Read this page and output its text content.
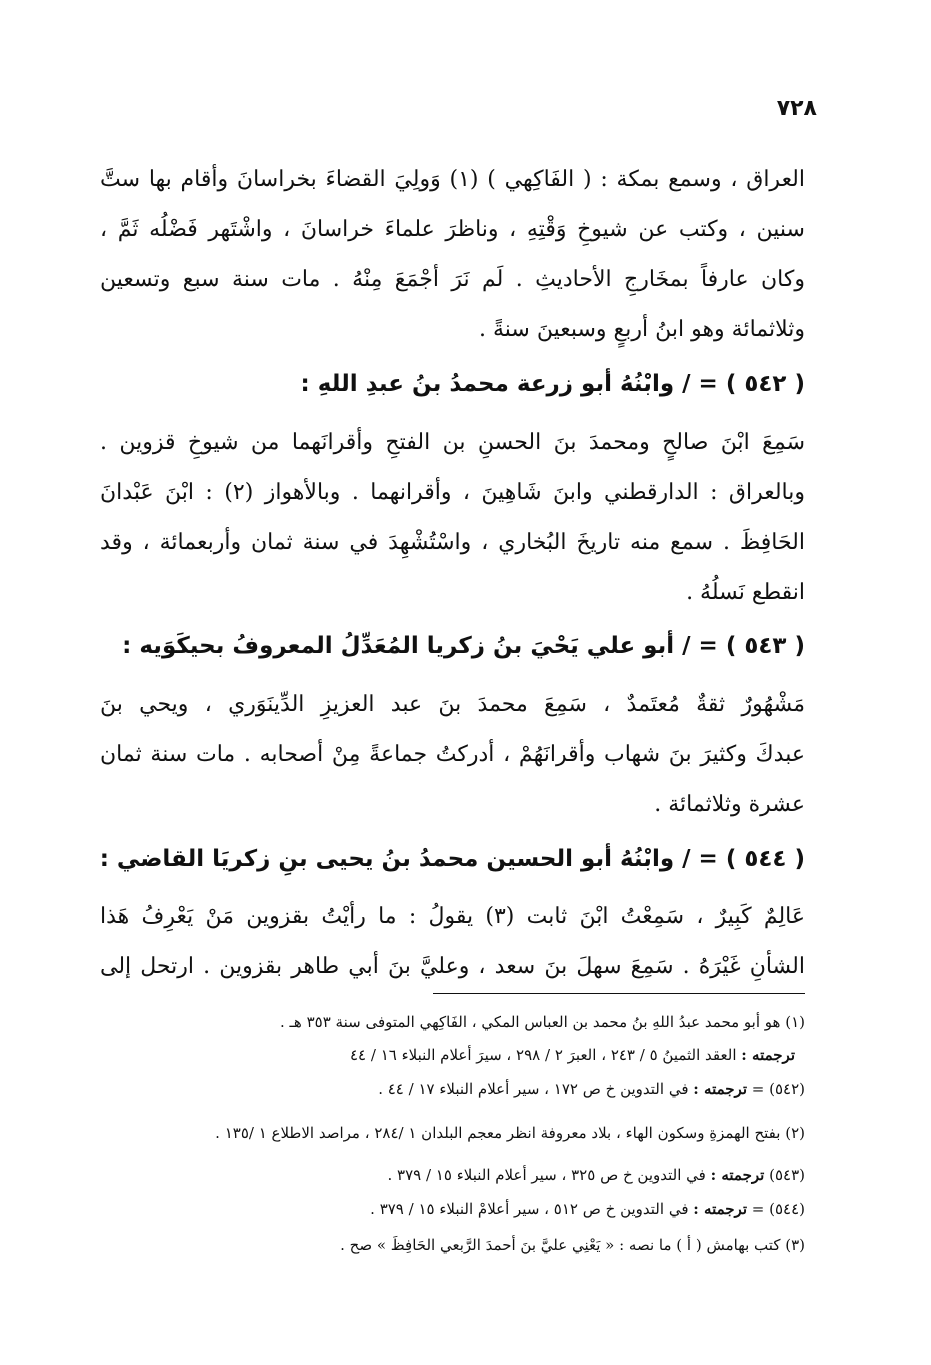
٧٢٨
العراق ، وسمع بمكة : ( الفَاكِهي ) (١) وَولِيَ القضاءَ بخراسانَ وأقام بها ستَّ
سنين ، وكتب عن شيوخِ وَقْتِهِ ، وناظرَ علماءَ خراسانَ ، واشْتَهر فَضْلُه ثَمَّ ،
وكان عارفاً بمخَارجِ الأحاديثِ . لَم نَرَ أجْمَعَ مِنْهُ . مات سنة سبع وتسعين
وثلاثمائة وهو ابنُ أربعٍ وسبعينَ سنةً .
( ٥٤٢ ) = / وابْنُهُ أبو زرعة محمدُ بنُ عبدِ اللهِ :
سَمِعَ ابْنَ صالحٍ ومحمدَ بنَ الحسنِ بن الفتحِ وأقرانَهما من شيوخِ قزوين .
وبالعراق : الدارقطني وابنَ شَاهِينَ ، وأقرانهما . وبالأهواز (٢) : ابْنَ عَبْدانَ
الحَافِظَ . سمع منه تاريخَ البُخاري ، واسْتُشْهِدَ في سنة ثمان وأربعمائة ، وقد
انقطع نَسلُهُ .
( ٥٤٣ ) = / أبو علي يَحْيَ بنُ زكريا المُعَدِّلُ المعروفُ بحيكَوَيه :
مَشْهُورٌ ثقةٌ مُعتَمدٌ ، سَمِعَ محمدَ بنَ عبد العزيزِ الدِّينَوَري ، ويحي بنَ
عبدكَ وكثيرَ بنَ شهاب وأقرانَهُمْ ، أدركتُ جماعةً مِنْ أصحابه . مات سنة ثمان
عشرة وثلاثمائة .
( ٥٤٤ ) = / وابْنُهُ أبو الحسين محمدُ بنُ يحيى بنِ زكريَا القاضي :
عَالِمٌ كَبِيرٌ ، سَمِعْتُ ابْنَ ثابت (٣) يقولُ : ما رأيْتُ بقزوين مَنْ يَعْرِفُ هَذا
الشأنِ غَيْرَهُ . سَمِعَ سهلَ بنَ سعد ، وعليَّ بنَ أبي طاهر بقزوين . ارتحل إلى
(١) هو أبو محمد عبدُ اللهِ بنُ محمد بن العباس المكي ، الفَاكِهي المتوفى سنة ٣٥٣ هـ .
ترجمته : العقد الثمينُ ٥ / ٢٤٣ ، العبرَ ٢ / ٢٩٨ ، سيرَ أعلام النبلاء ١٦ / ٤٤
(٥٤٢) = ترجمته : في التدوين خ ص ١٧٢ ، سير أعلام النبلاء ١٧ / ٤٤ .
(٢) بفتح الهمزةِ وسكون الهاء ، بلاد معروفة انظر معجم البلدان ١ /٢٨٤ ، مراصد الاطلاع ١ /١٣٥ .
(٥٤٣) ترجمته : في التدوين خ ص ٣٢٥ ، سير أعلام النبلاء ١٥ / ٣٧٩ .
(٥٤٤) = ترجمته : في التدوين خ ص ٥١٢ ، سير أعلامْ النبلاء ١٥ / ٣٧٩ .
(٣) كتب بهامش ( أ ) ما نصه : « يَعْنِي عليَّ بنَ أحمدَ الرَّبعي الحَافِظَ » صح .
